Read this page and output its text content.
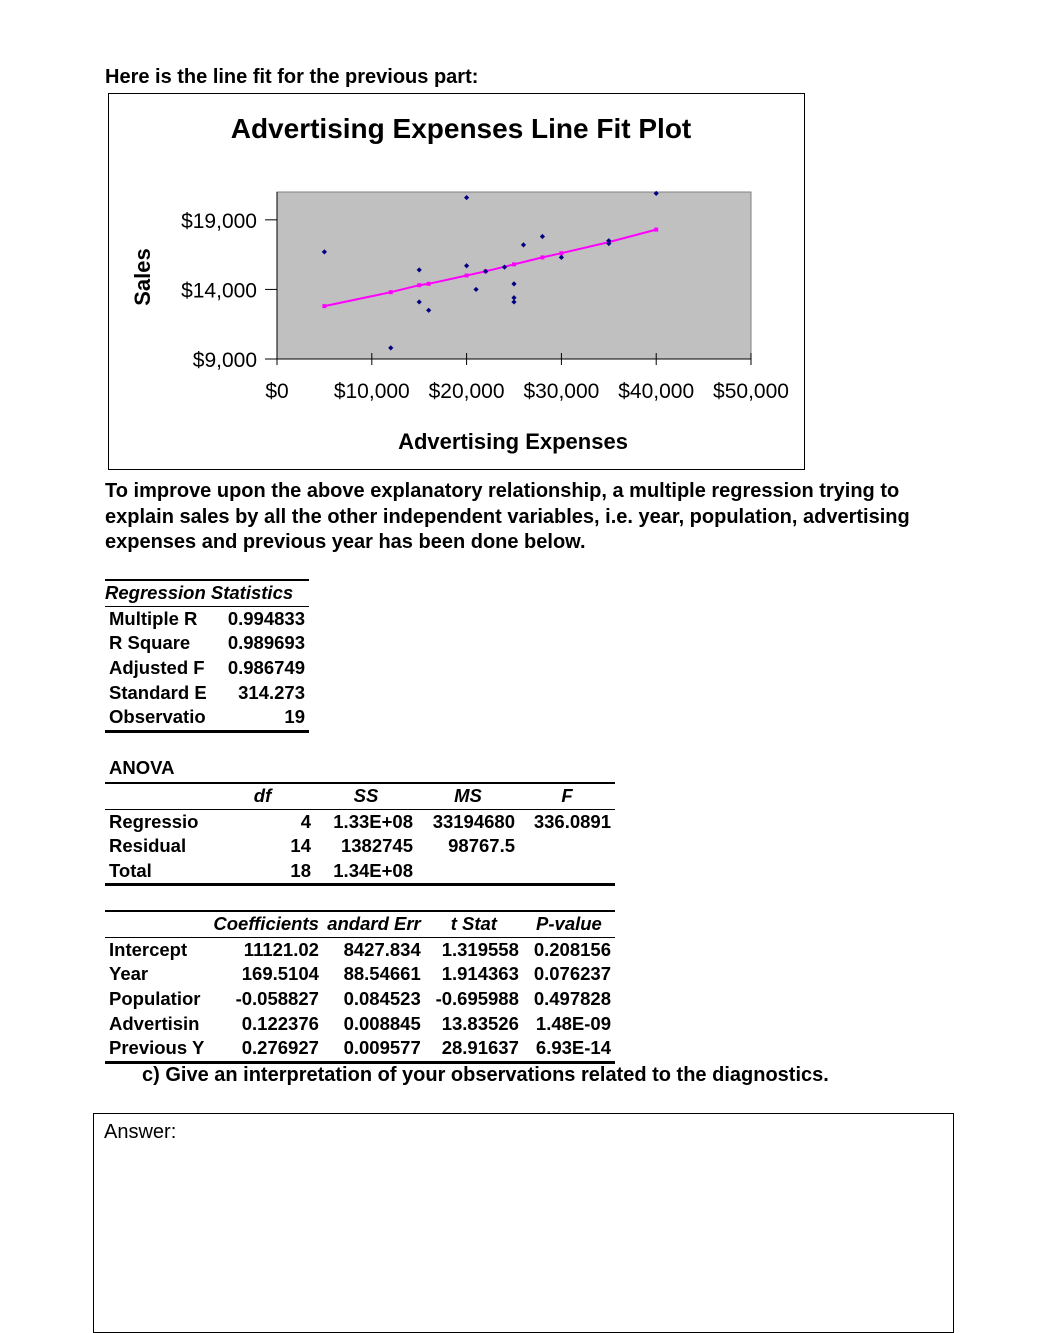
Here is the line fit for the previous part:
Advertising Expenses Line Fit Plot
$0 $10,000 $20,000 $30,000 $40,000 $50,000
$9,000
$14,000
$19,000
Advertising Expenses
Sales
To improve upon the above explanatory relationship, a multiple regression trying to explain sales by all the other independent variables, i.e. year, population, advertising expenses and previous year has been done below.
Regression Statistics	
Multiple R	0.994833
R Square	0.989693
Adjusted F	0.986749
Standard E	314.273
Observatio	19
ANOVA
	df	SS	MS	F
Regressio	4	1.33E+08	33194680	336.0891
Residual	14	1382745	98767.5	
Total	18	1.34E+08		
	Coefficients	andard Err	t Stat	P-value
Intercept	11121.02	8427.834	1.319558	0.208156
Year	169.5104	88.54661	1.914363	0.076237
Populatior	-0.058827	0.084523	-0.695988	0.497828
Advertisin	0.122376	0.008845	13.83526	1.48E-09
Previous Y	0.276927	0.009577	28.91637	6.93E-14
c) Give an interpretation of your observations related to the diagnostics.
Answer:
